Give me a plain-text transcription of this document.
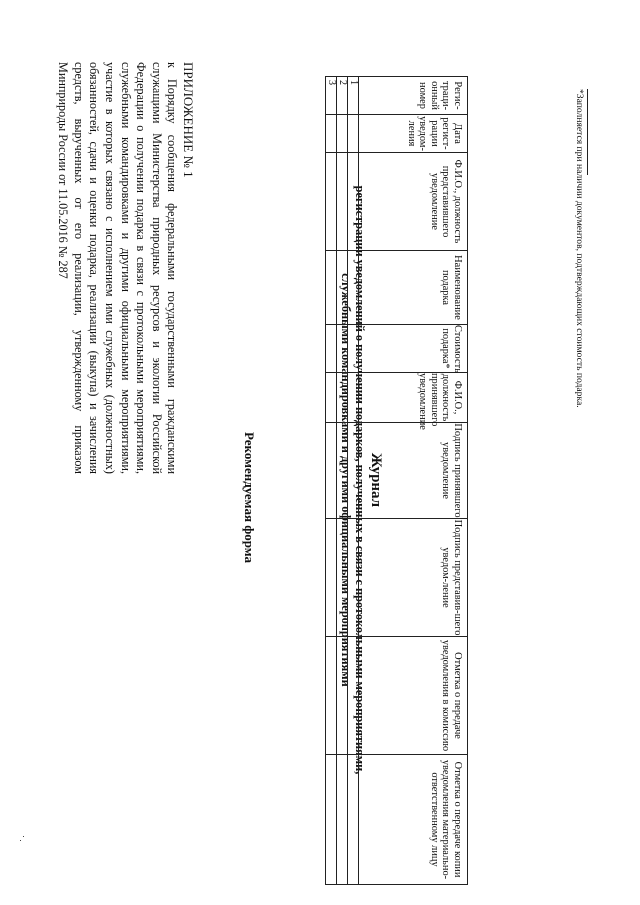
ПРИЛОЖЕНИЕ № 1
к Порядку сообщения федеральными государственными гражданскими служащими Министерства природных ресурсов и экологии Российской Федерации о получении подарка в связи с протокольными мероприятиями, служебными командировками и другими официальными мероприятиями, участие в которых связано с исполнением ими служебных (должностных) обязанностей, сдачи и оценки подарка, реализации (выкупа) и зачисления средств, вырученных от его реализации, утвержденному приказом Минприроды России от 11.05.2016 № 287
Рекомендуемая форма	Журнал
регистрации уведомлений о получении подарков, полученных в связи с протокольными мероприятиями,
служебными командировками и другими официальными мероприятиями
Регис-траци-онный номер	Дата регист-рации уведом-ления	Ф.И.О., должность представившего уведомление	Наименование подарка	Стоимость подарка*	Ф.И.О., должность принявшего уведомление	Подпись принявшего уведомление	Подпись представив-шего уведом-ление	Отметка о передаче уведомления в комиссию	Отметка о передаче копии уведомления материально-ответственному лицу
1									
2									
3									
*Заполняется при наличии документов, подтверждающих стоимость подарка.
